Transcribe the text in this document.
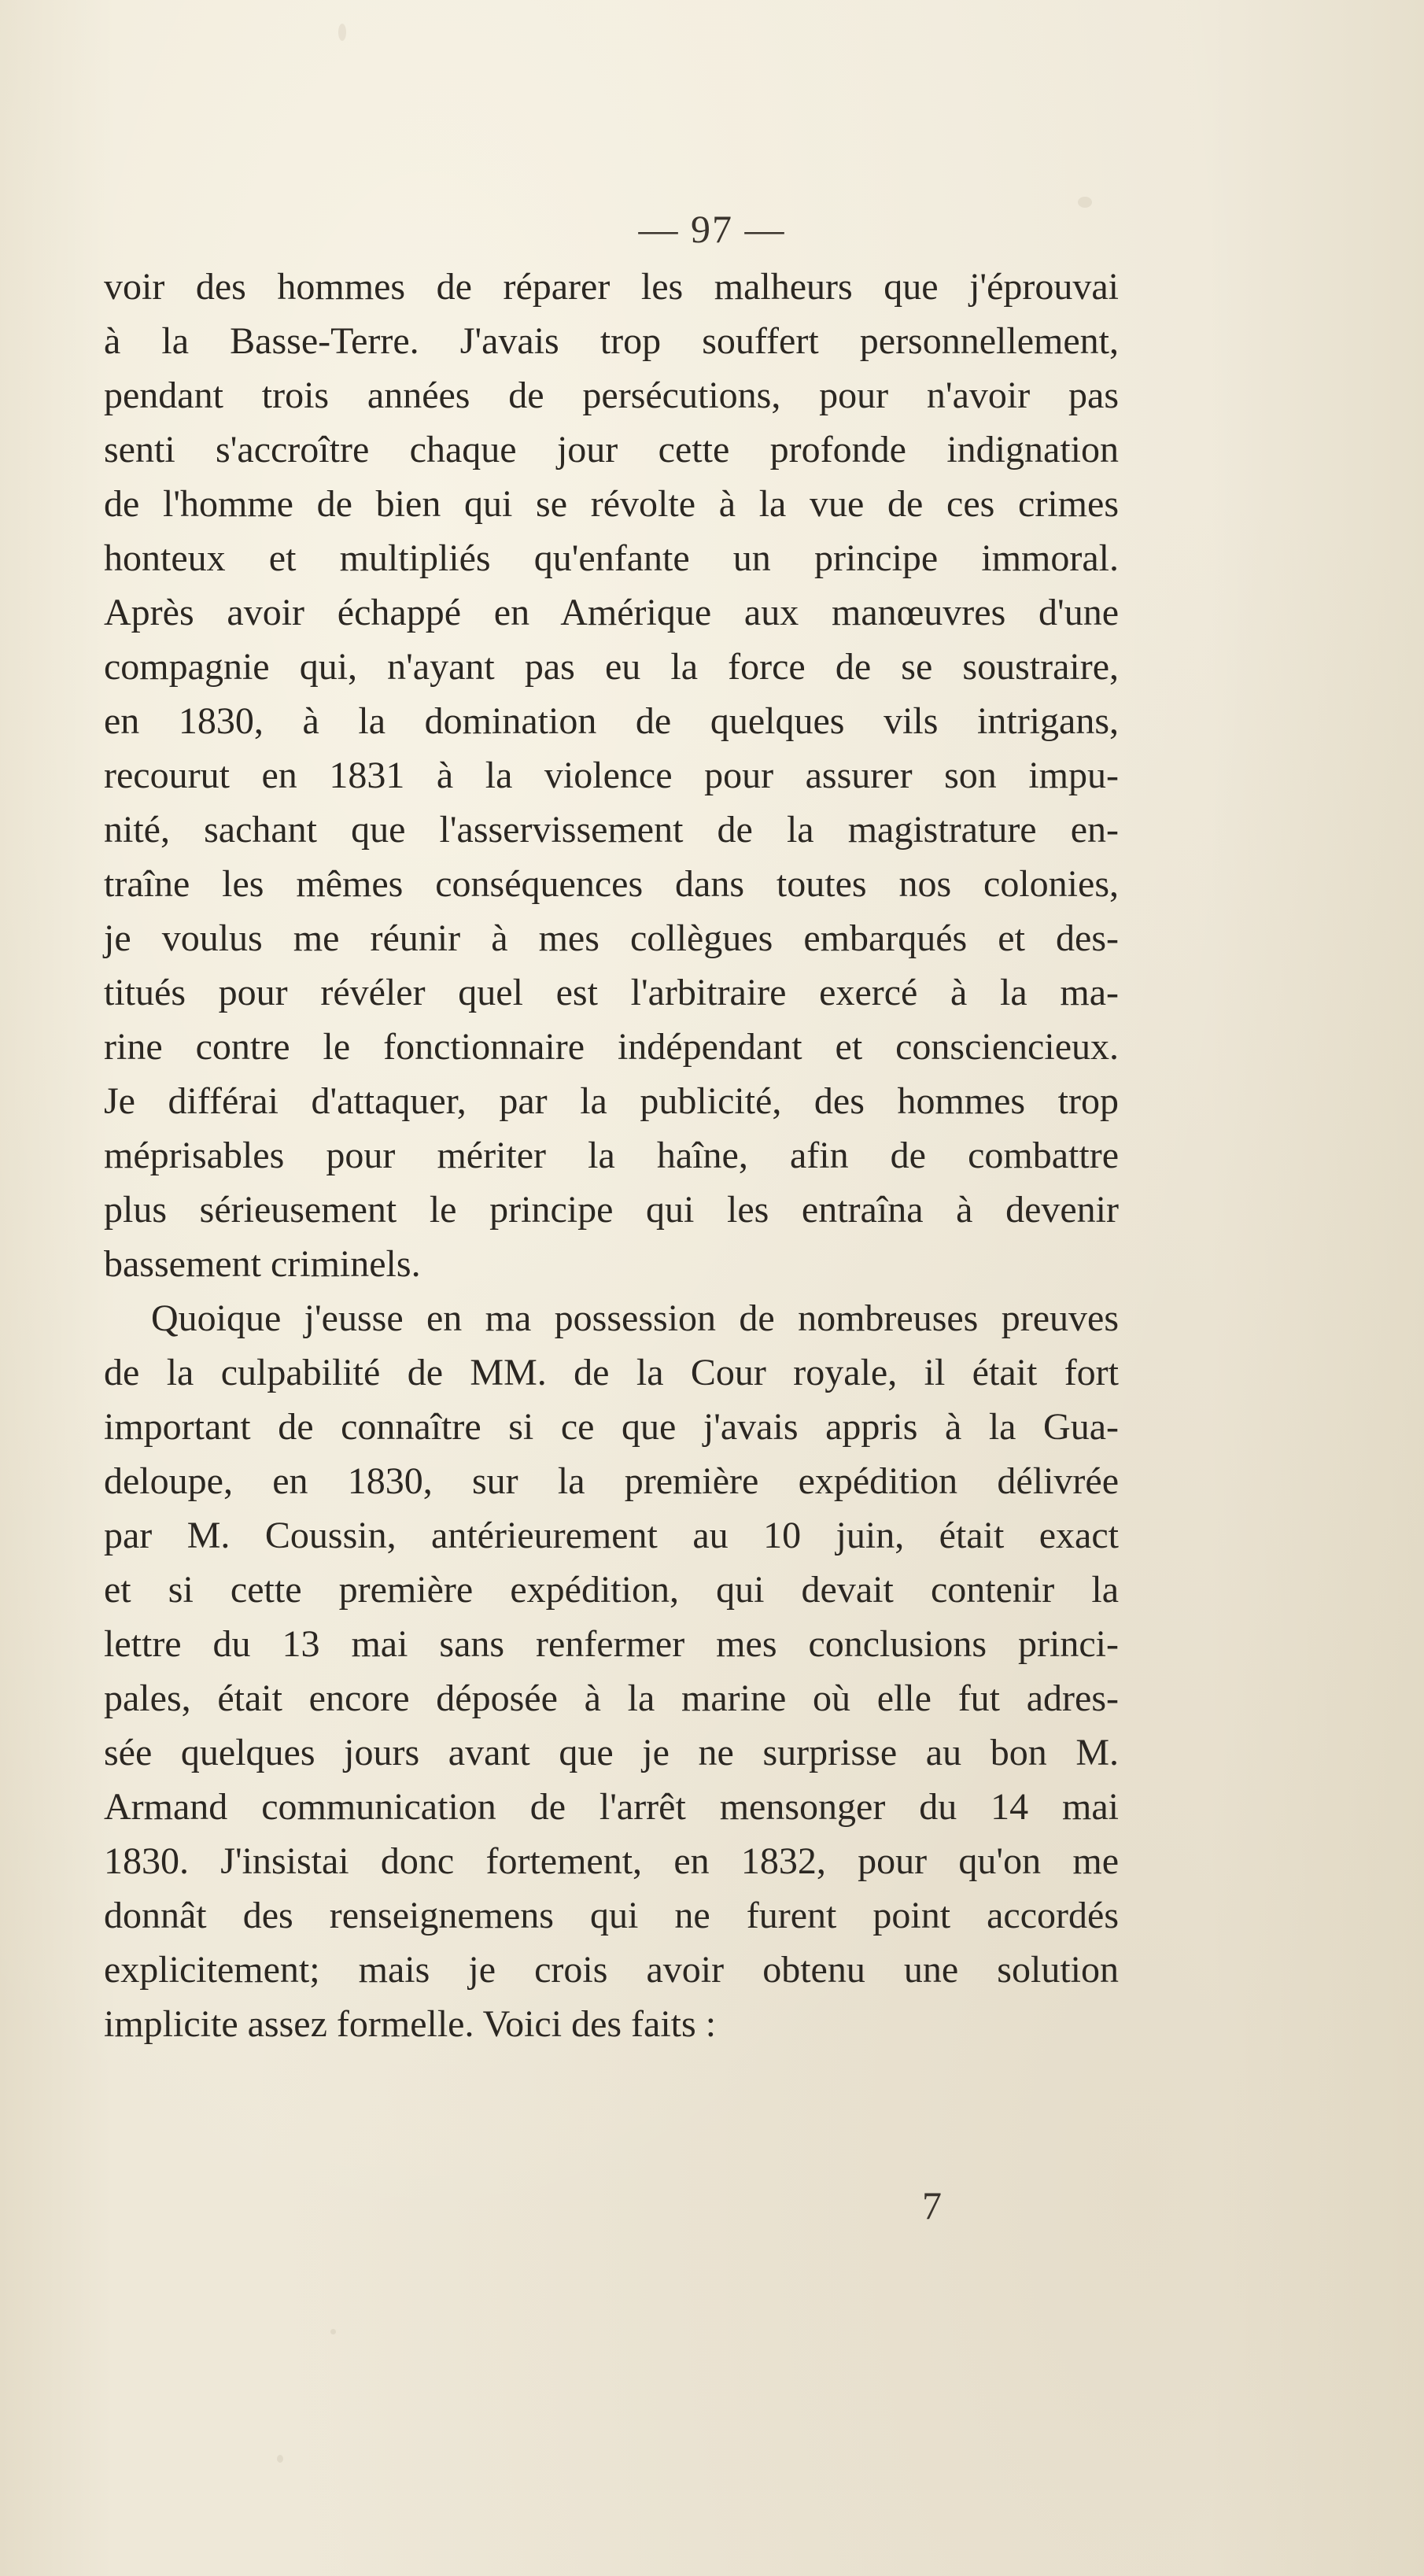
— 97 —
voir des hommes de réparer les malheurs que j'éprouvai
à la Basse-Terre. J'avais trop souffert personnellement,
pendant trois années de persécutions, pour n'avoir pas
senti s'accroître chaque jour cette profonde indignation
de l'homme de bien qui se révolte à la vue de ces crimes
honteux et multipliés qu'enfante un principe immoral.
Après avoir échappé en Amérique aux manœuvres d'une
compagnie qui, n'ayant pas eu la force de se soustraire,
en 1830, à la domination de quelques vils intrigans,
recourut en 1831 à la violence pour assurer son impu-
nité, sachant que l'asservissement de la magistrature en-
traîne les mêmes conséquences dans toutes nos colonies,
je voulus me réunir à mes collègues embarqués et des-
titués pour révéler quel est l'arbitraire exercé à la ma-
rine contre le fonctionnaire indépendant et consciencieux.
Je différai d'attaquer, par la publicité, des hommes trop
méprisables pour mériter la haîne, afin de combattre
plus sérieusement le principe qui les entraîna à devenir
bassement criminels.
Quoique j'eusse en ma possession de nombreuses preuves
de la culpabilité de MM. de la Cour royale, il était fort
important de connaître si ce que j'avais appris à la Gua-
deloupe, en 1830, sur la première expédition délivrée
par M. Coussin, antérieurement au 10 juin, était exact
et si cette première expédition, qui devait contenir la
lettre du 13 mai sans renfermer mes conclusions princi-
pales, était encore déposée à la marine où elle fut adres-
sée quelques jours avant que je ne surprisse au bon M.
Armand communication de l'arrêt mensonger du 14 mai
1830. J'insistai donc fortement, en 1832, pour qu'on me
donnât des renseignemens qui ne furent point accordés
explicitement; mais je crois avoir obtenu une solution
implicite assez formelle. Voici des faits :
7
